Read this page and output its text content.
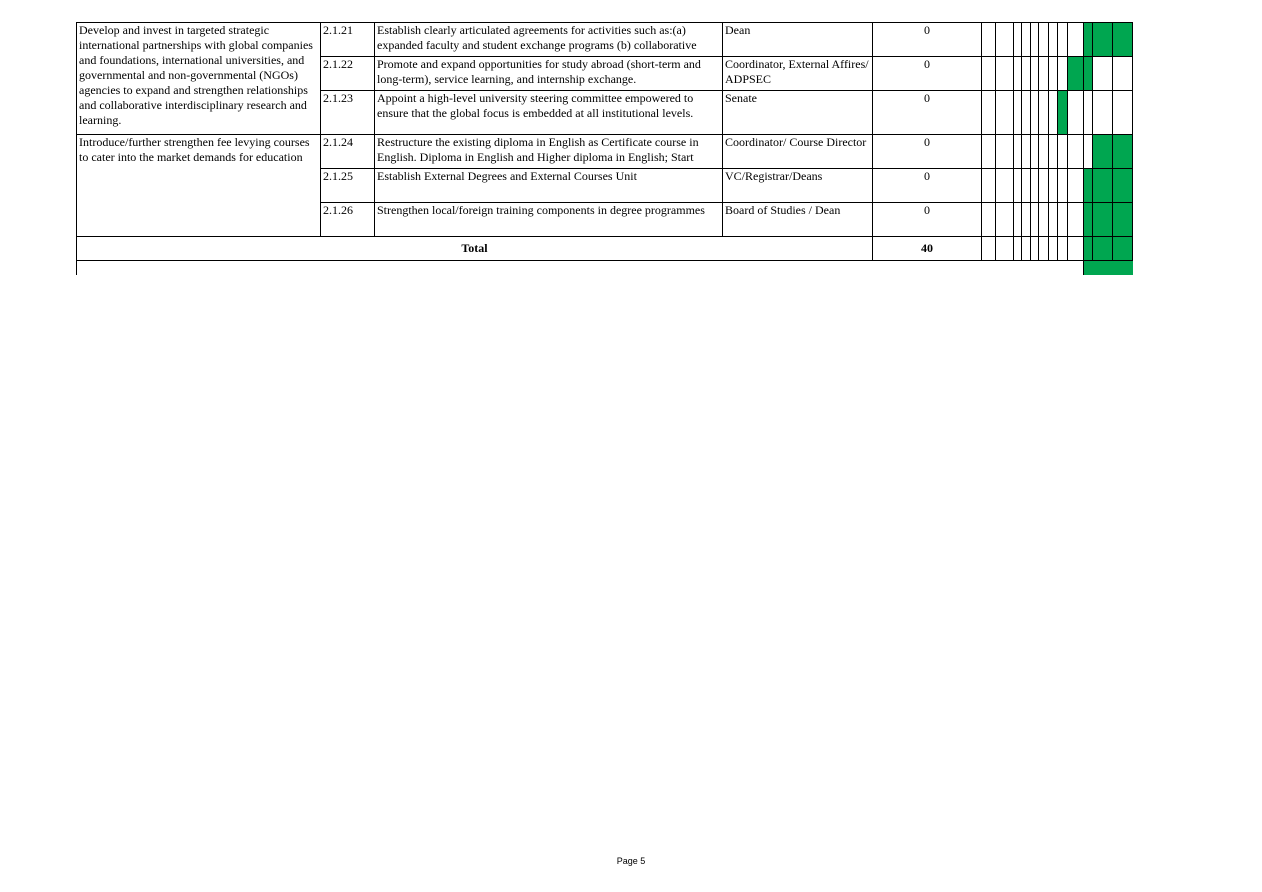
Develop and invest in targeted strategic international partnerships with global companies and foundations, international universities, and governmental and non-governmental (NGOs) agencies to expand and strengthen relationships and collaborative interdisciplinary research and learning.	2.1.21	Establish clearly articulated agreements for activities such as:(a) expanded faculty and student exchange programs (b) collaborative	Dean	0												
	2.1.22	Promote and expand opportunities for study abroad (short-term and long-term), service learning, and internship exchange.	Coordinator, External Affires/ ADPSEC	0												
	2.1.23	Appoint a high-level university steering committee empowered to ensure that the global focus is embedded at all institutional levels.	Senate	0												
Introduce/further strengthen fee levying courses to cater into the market demands for education	2.1.24	Restructure the existing diploma in English as Certificate course in English. Diploma in English and Higher diploma in English; Start	Coordinator/ Course Director	0												
	2.1.25	Establish External Degrees and External Courses Unit	VC/Registrar/Deans	0												
	2.1.26	Strengthen local/foreign training components in degree programmes	Board of Studies / Dean	0												
Total				40												

Page 5
